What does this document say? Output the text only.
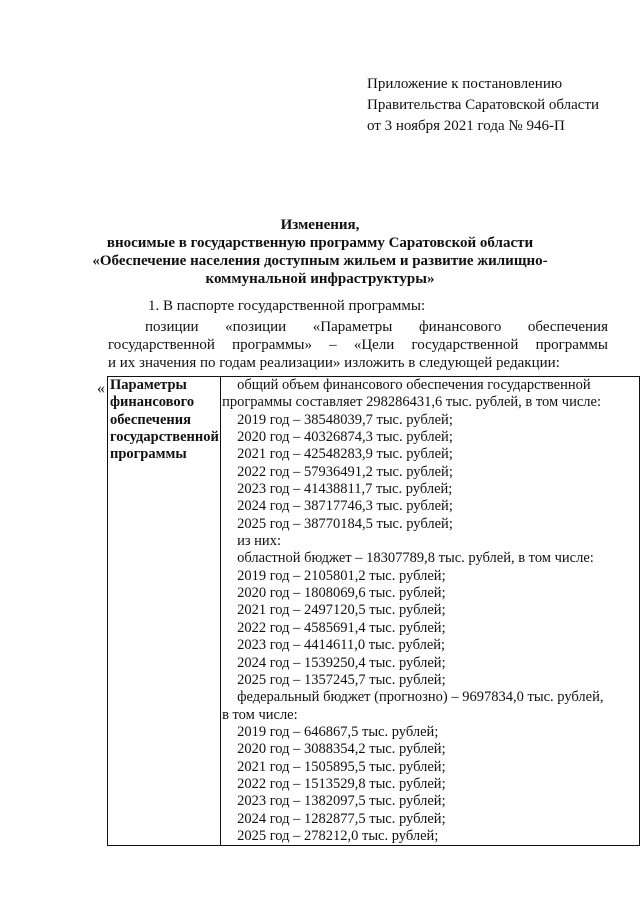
Приложение к постановлению
Правительства Саратовской области
от 3 ноября 2021 года № 946-П
Изменения,
вносимые в государственную программу Саратовской области
«Обеспечение населения доступным жильем и развитие жилищно-
коммунальной инфраструктуры»
1. В паспорте государственной программы:
позиции «позиции «Параметры финансового обеспечения
государственной программы» – «Цели государственной программы
и их значения по годам реализации» изложить в следующей редакции:
« Параметры
финансового
обеспечения
государственной
программы

общий объем финансового обеспечения государственной
программы составляет 298286431,6 тыс. рублей, в том числе:
2019 год – 38548039,7 тыс. рублей;
2020 год – 40326874,3 тыс. рублей;
2021 год – 42548283,9 тыс. рублей;
2022 год – 57936491,2 тыс. рублей;
2023 год – 41438811,7 тыс. рублей;
2024 год – 38717746,3 тыс. рублей;
2025 год – 38770184,5 тыс. рублей;
из них:
областной бюджет – 18307789,8 тыс. рублей, в том числе:
2019 год – 2105801,2 тыс. рублей;
2020 год – 1808069,6 тыс. рублей;
2021 год – 2497120,5 тыс. рублей;
2022 год – 4585691,4 тыс. рублей;
2023 год – 4414611,0 тыс. рублей;
2024 год – 1539250,4 тыс. рублей;
2025 год – 1357245,7 тыс. рублей;
федеральный бюджет (прогнозно) – 9697834,0 тыс. рублей,
в том числе:
2019 год – 646867,5 тыс. рублей;
2020 год – 3088354,2 тыс. рублей;
2021 год – 1505895,5 тыс. рублей;
2022 год – 1513529,8 тыс. рублей;
2023 год – 1382097,5 тыс. рублей;
2024 год – 1282877,5 тыс. рублей;
2025 год – 278212,0 тыс. рублей;
